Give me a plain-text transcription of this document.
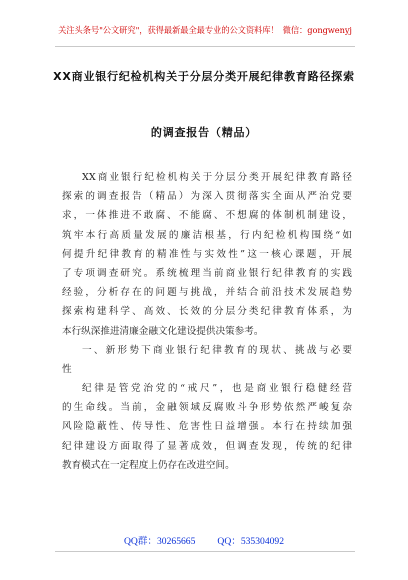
关注头条号"公文研究"，获得最新最全最专业的公文资料库！ 微信：gongwenyj
XX商业银行纪检机构关于分层分类开展纪律教育路径探索
的调查报告（精品）
XX商业银行纪检机构关于分层分类开展纪律教育路径
探索的调查报告（精品）为深入贯彻落实全面从严治党要
求，一体推进不敢腐、不能腐、不想腐的体制机制建设，
筑牢本行高质量发展的廉洁根基，行内纪检机构围绕“如
何提升纪律教育的精准性与实效性”这一核心课题，开展
了专项调查研究。系统梳理当前商业银行纪律教育的实践
经验，分析存在的问题与挑战，并结合前沿技术发展趋势
探索构建科学、高效、长效的分层分类纪律教育体系，为
本行纵深推进清廉金融文化建设提供决策参考。
一、新形势下商业银行纪律教育的现状、挑战与必要
性
纪律是管党治党的“戒尺”，也是商业银行稳健经营
的生命线。当前，金融领域反腐败斗争形势依然严峻复杂
风险隐蔽性、传导性、危害性日益增强。本行在持续加强
纪律建设方面取得了显著成效，但调查发现，传统的纪律
教育模式在一定程度上仍存在改进空间。
QQ群：30265665 QQ：535304092
